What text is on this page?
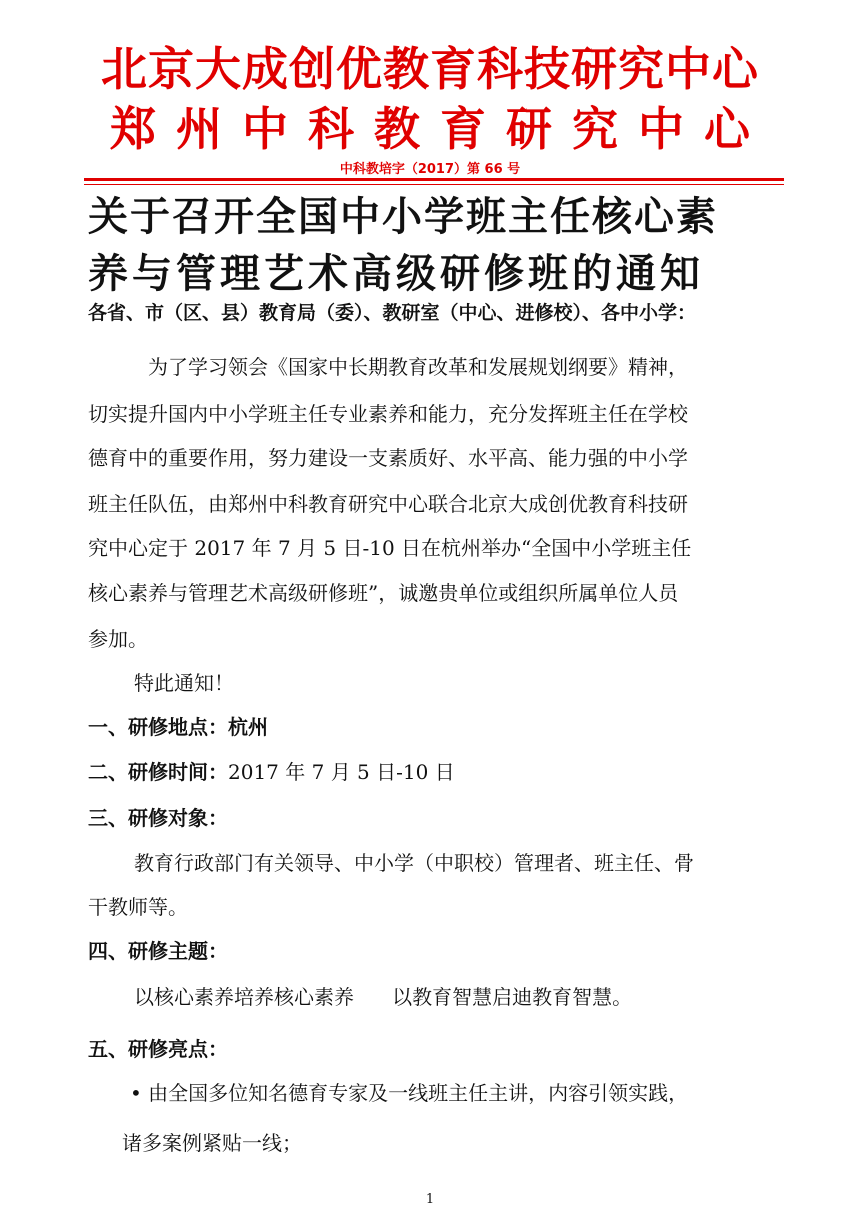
北京大成创优教育科技研究中心
郑州中科教育研究中心
中科教培字（2017）第 66 号
关于召开全国中小学班主任核心素
养与管理艺术高级研修班的通知
各省、市（区、县）教育局（委）、教研室（中心、进修校）、各中小学：
为了学习领会《国家中长期教育改革和发展规划纲要》精神，
切实提升国内中小学班主任专业素养和能力，充分发挥班主任在学校
德育中的重要作用，努力建设一支素质好、水平高、能力强的中小学
班主任队伍，由郑州中科教育研究中心联合北京大成创优教育科技研
究中心定于 2017 年 7 月 5 日-10 日在杭州举办“全国中小学班主任
核心素养与管理艺术高级研修班”，诚邀贵单位或组织所属单位人员
参加。
特此通知！
一、研修地点：杭州
二、研修时间：2017 年 7 月 5 日-10 日
三、研修对象：
教育行政部门有关领导、中小学（中职校）管理者、班主任、骨
干教师等。
四、研修主题：
以核心素养培养核心素养      以教育智慧启迪教育智慧。
五、研修亮点：
• 由全国多位知名德育专家及一线班主任主讲，内容引领实践，
诸多案例紧贴一线；
1
